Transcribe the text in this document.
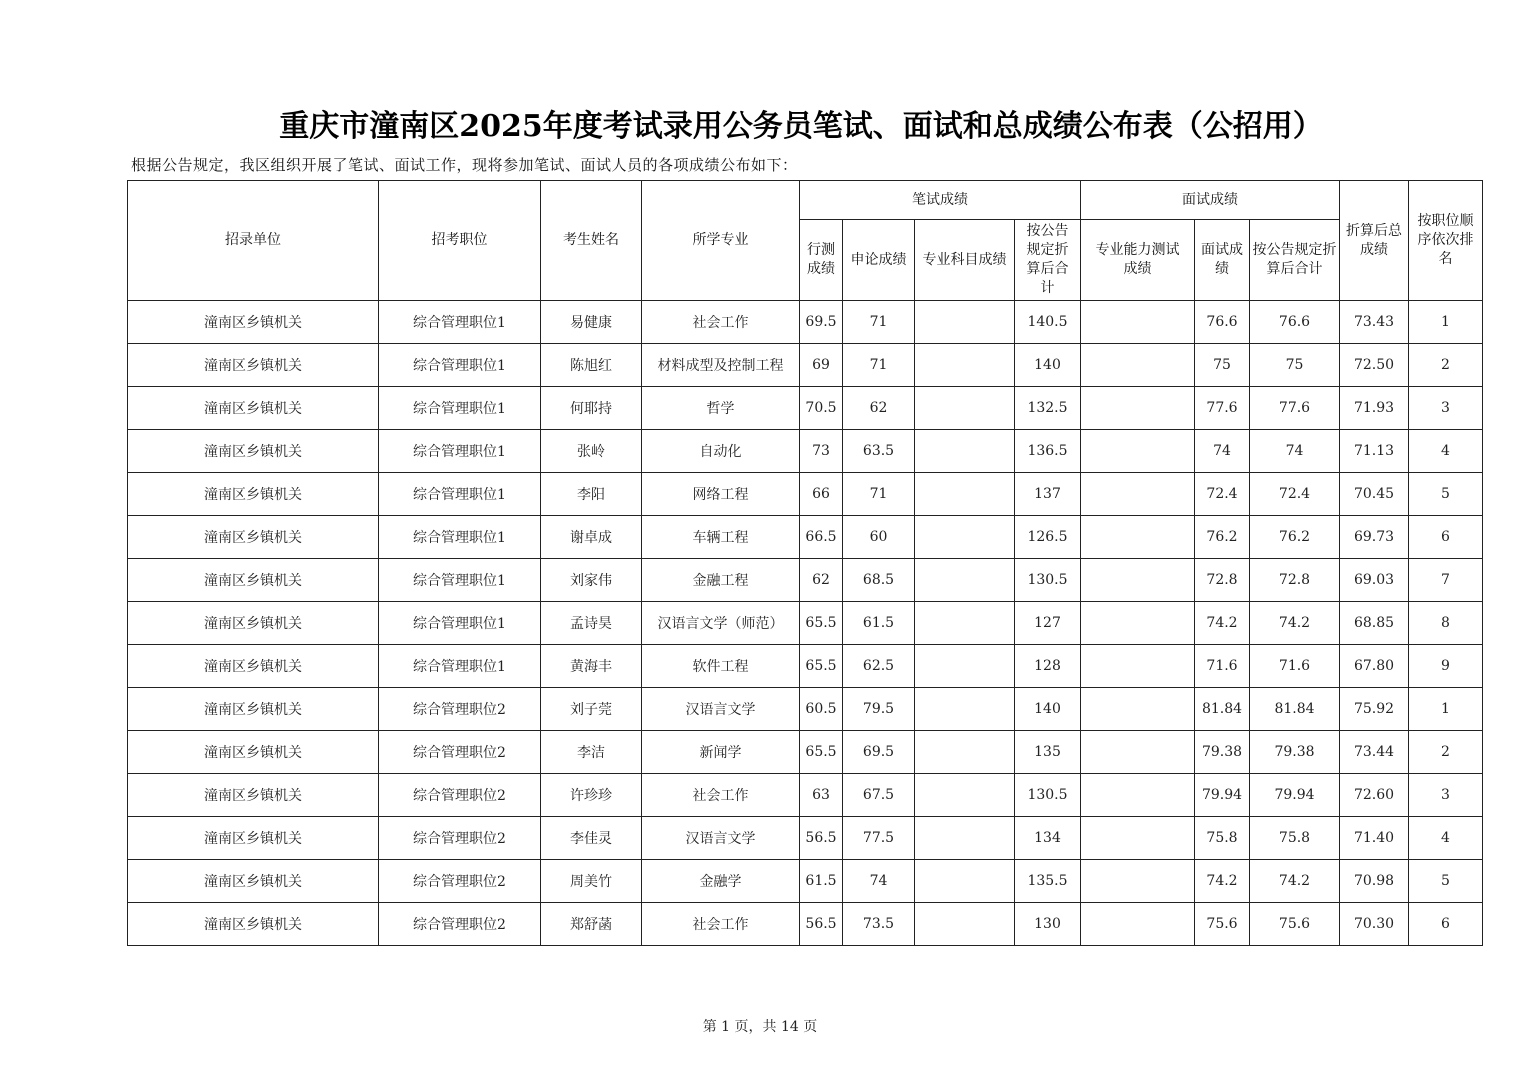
重庆市潼南区2025年度考试录用公务员笔试、面试和总成绩公布表（公招用）
根据公告规定，我区组织开展了笔试、面试工作，现将参加笔试、面试人员的各项成绩公布如下：
招录单位	招考职位	考生姓名	所学专业	笔试成绩				面试成绩			折算后总成绩	按职位顺序依次排名
				行测成绩	申论成绩	专业科目成绩	按公告规定折算后合计	专业能力测试成绩	面试成绩	按公告规定折算后合计		
潼南区乡镇机关	综合管理职位1	易健康	社会工作	69.5	71		140.5		76.6	76.6	73.43	1
潼南区乡镇机关	综合管理职位1	陈旭红	材料成型及控制工程	69	71		140		75	75	72.50	2
潼南区乡镇机关	综合管理职位1	何耶持	哲学	70.5	62		132.5		77.6	77.6	71.93	3
潼南区乡镇机关	综合管理职位1	张岭	自动化	73	63.5		136.5		74	74	71.13	4
潼南区乡镇机关	综合管理职位1	李阳	网络工程	66	71		137		72.4	72.4	70.45	5
潼南区乡镇机关	综合管理职位1	谢卓成	车辆工程	66.5	60		126.5		76.2	76.2	69.73	6
潼南区乡镇机关	综合管理职位1	刘家伟	金融工程	62	68.5		130.5		72.8	72.8	69.03	7
潼南区乡镇机关	综合管理职位1	孟诗昊	汉语言文学（师范）	65.5	61.5		127		74.2	74.2	68.85	8
潼南区乡镇机关	综合管理职位1	黄海丰	软件工程	65.5	62.5		128		71.6	71.6	67.80	9
潼南区乡镇机关	综合管理职位2	刘子莞	汉语言文学	60.5	79.5		140		81.84	81.84	75.92	1
潼南区乡镇机关	综合管理职位2	李洁	新闻学	65.5	69.5		135		79.38	79.38	73.44	2
潼南区乡镇机关	综合管理职位2	许珍珍	社会工作	63	67.5		130.5		79.94	79.94	72.60	3
潼南区乡镇机关	综合管理职位2	李佳灵	汉语言文学	56.5	77.5		134		75.8	75.8	71.40	4
潼南区乡镇机关	综合管理职位2	周美竹	金融学	61.5	74		135.5		74.2	74.2	70.98	5
潼南区乡镇机关	综合管理职位2	郑舒菡	社会工作	56.5	73.5		130		75.6	75.6	70.30	6
第 1 页，共 14 页
